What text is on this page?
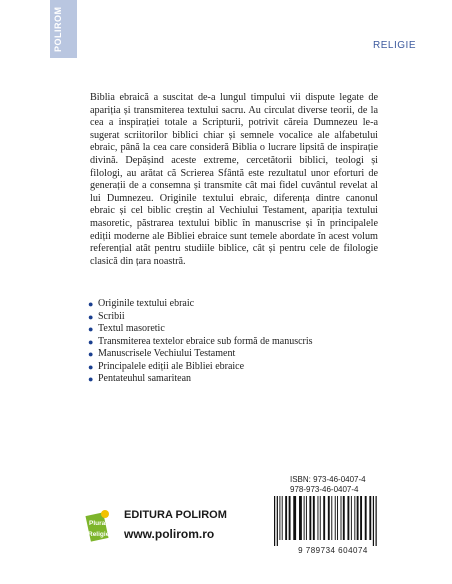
POLIROM	RELIGIE

Biblia ebraică a suscitat de-a lungul timpului vii dispute legate de apariția și transmiterea textului sacru. Au circulat diverse teorii, de la cea a inspirației totale a Scripturii, potrivit căreia Dumnezeu le-a sugerat scriitorilor biblici chiar și semnele vocalice ale alfabetului ebraic, până la cea care consideră Biblia o lucrare lipsită de inspirație divină. Depășind aceste extreme, cercetătorii biblici, teologi și filologi, au arătat că Scrierea Sfântă este rezultatul unor eforturi de generații de a consemna și transmite cât mai fidel cuvântul revelat al lui Dumnezeu. Originile textului ebraic, diferența dintre canonul ebraic și cel biblic creștin al Vechiului Testament, apariția textului masoretic, păstrarea textului biblic în manuscrise și în principalele ediții moderne ale Bibliei ebraice sunt temele abordate în acest volum referențial atât pentru studiile biblice, cât și pentru cele de filologie clasică din țara noastră.

● Originile textului ebraic
● Scribii
● Textul masoretic
● Transmiterea textelor ebraice sub formă de manuscris
● Manuscrisele Vechiului Testament
● Principalele ediții ale Bibliei ebraice
● Pentateuhul samaritean
ISBN: 973-46-0407-4
978-973-46-0407-4
9 789734 604074
Plural
Religie
EDITURA POLIROM
www.polirom.ro
